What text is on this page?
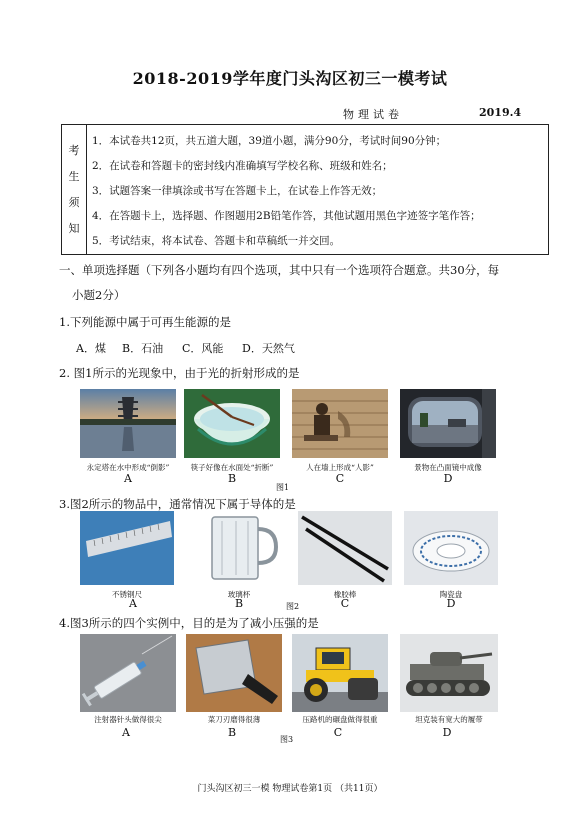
2018-2019学年度门头沟区初三一模考试
物理试卷	2019.4
考
生
须
知
1．本试卷共12页，共五道大题，39道小题，满分90分，考试时间90分钟；
2．在试卷和答题卡的密封线内准确填写学校名称、班级和姓名；
3．试题答案一律填涂或书写在答题卡上，在试卷上作答无效；
4．在答题卡上，选择题、作图题用2B铅笔作答，其他试题用黑色字迹签字笔作答；
5．考试结束，将本试卷、答题卡和草稿纸一并交回。
一、单项选择题（下列各小题均有四个选项，其中只有一个选项符合题意。共30分，每
小题2分）
1.下列能源中属于可再生能源的是
A．煤 B．石油 C．风能 D．天然气
2. 图1所示的光现象中，由于光的折射形成的是
永定塔在水中形成“倒影”	筷子好像在水面处“折断”	人在墙上形成“人影”	景物在凸面镜中成像
A	B	C	D
图1
3.图2所示的物品中，通常情况下属于导体的是
不锈钢尺	玻璃杯	橡胶棒	陶瓷盘
A	B	C	D
图2
4.图3所示的四个实例中，目的是为了减小压强的是
注射器针头做得很尖	菜刀刃磨得很薄	压路机的碾盘做得很重	坦克装有宽大的履带
A	B	C	D
图3
门头沟区初三一模 物理试卷第1页 （共11页）
